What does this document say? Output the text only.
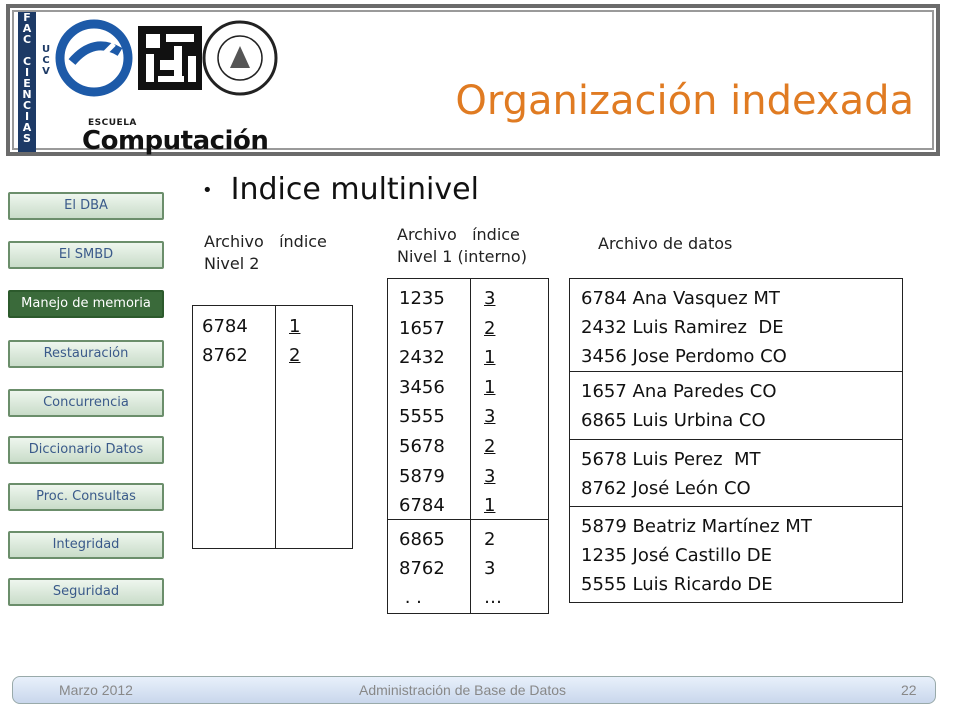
F
A
C

C
I
E
N
C
I
A
S
U
C
V
ESCUELA
Computación
Organización indexada
El DBA
El SMBD
Manejo de memoria
Restauración
Concurrencia
Diccionario Datos
Proc. Consultas
Integridad
Seguridad
• Indice multinivel
Archivo   índice
Nivel 2
6784
8762
1
2
Archivo   índice
Nivel 1 (interno)
1235
1657
2432
3456
5555
5678
5879
6784
3
2
1
1
3
2
3
1
6865
8762
. .
2
3
…
Archivo de datos
6784 Ana Vasquez MT
2432 Luis Ramirez  DE
3456 Jose Perdomo CO
1657 Ana Paredes CO
6865 Luis Urbina CO
5678 Luis Perez  MT
8762 José León CO
5879 Beatriz Martínez MT
1235 José Castillo DE
5555 Luis Ricardo DE
Marzo 2012	Administración de Base de Datos	22
